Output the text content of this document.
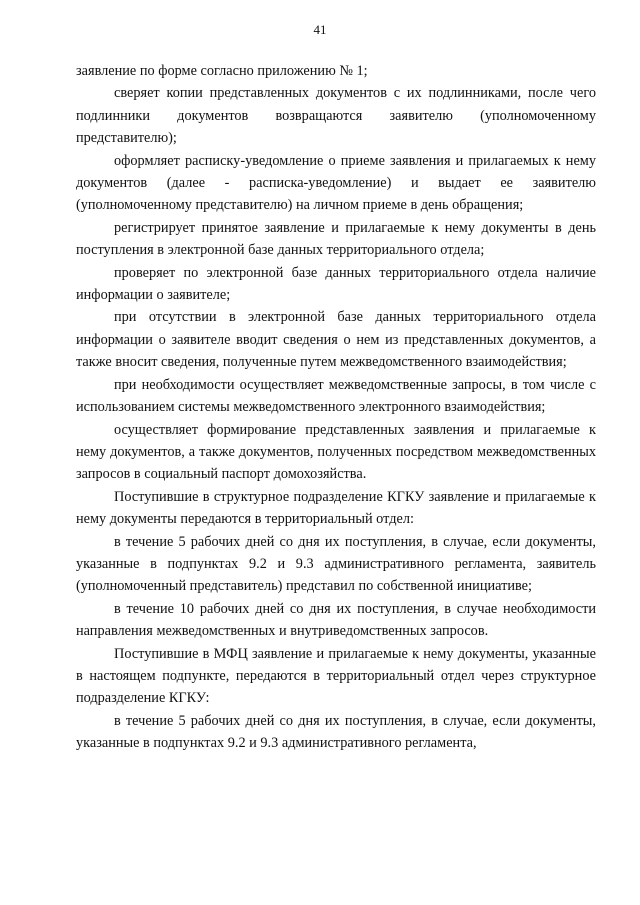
41

заявление по форме согласно приложению № 1;

сверяет копии представленных документов с их подлинниками, после чего подлинники документов возвращаются заявителю (уполномоченному представителю);

оформляет расписку-уведомление о приеме заявления и прилагаемых к нему документов (далее - расписка-уведомление) и выдает ее заявителю (уполномоченному представителю) на личном приеме в день обращения;

регистрирует принятое заявление и прилагаемые к нему документы в день поступления в электронной базе данных территориального отдела;

проверяет по электронной базе данных территориального отдела наличие информации о заявителе;

при отсутствии в электронной базе данных территориального отдела информации о заявителе вводит сведения о нем из представленных документов, а также вносит сведения, полученные путем межведомственного взаимодействия;

при необходимости осуществляет межведомственные запросы, в том числе с использованием системы межведомственного электронного взаимодействия;

осуществляет формирование представленных заявления и прилагаемые к нему документов, а также документов, полученных посредством межведомственных запросов в социальный паспорт домохозяйства.

Поступившие в структурное подразделение КГКУ заявление и прилагаемые к нему документы передаются в территориальный отдел:

в течение 5 рабочих дней со дня их поступления, в случае, если документы, указанные в подпунктах 9.2 и 9.3 административного регламента, заявитель (уполномоченный представитель) представил по собственной инициативе;

в течение 10 рабочих дней со дня их поступления, в случае необходимости направления межведомственных и внутриведомственных запросов.

Поступившие в МФЦ заявление и прилагаемые к нему документы, указанные в настоящем подпункте, передаются в территориальный отдел через структурное подразделение КГКУ:

в течение 5 рабочих дней со дня их поступления, в случае, если документы, указанные в подпунктах 9.2 и 9.3 административного регламента,
